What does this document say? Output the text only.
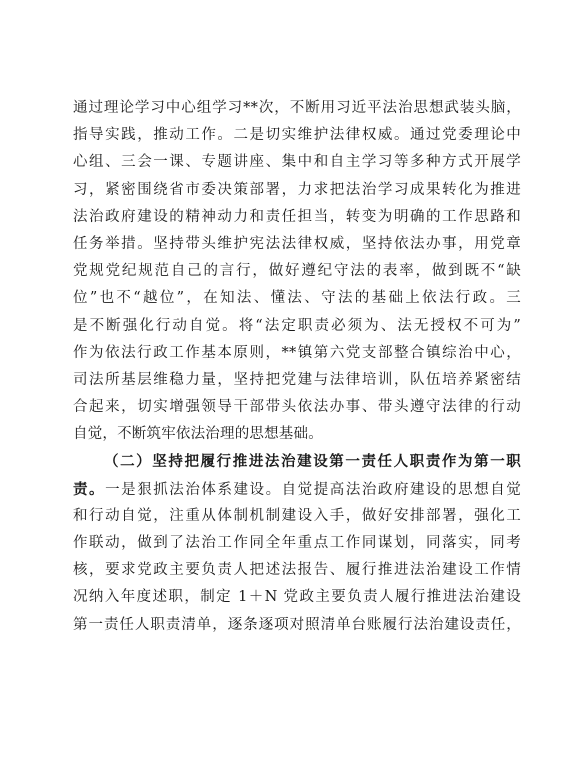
通过理论学习中心组学习**次，不断用习近平法治思想武装头脑，
指导实践，推动工作。二是切实维护法律权威。通过党委理论中
心组、三会一课、专题讲座、集中和自主学习等多种方式开展学
习，紧密围绕省市委决策部署，力求把法治学习成果转化为推进
法治政府建设的精神动力和责任担当，转变为明确的工作思路和
任务举措。坚持带头维护宪法法律权威，坚持依法办事，用党章
党规党纪规范自己的言行，做好遵纪守法的表率，做到既不“缺
位”也不“越位”，在知法、懂法、守法的基础上依法行政。三
是不断强化行动自觉。将“法定职责必须为、法无授权不可为”
作为依法行政工作基本原则，**镇第六党支部整合镇综治中心，
司法所基层维稳力量，坚持把党建与法律培训，队伍培养紧密结
合起来，切实增强领导干部带头依法办事、带头遵守法律的行动
自觉，不断筑牢依法治理的思想基础。
（二）坚持把履行推进法治建设第一责任人职责作为第一职
责。一是狠抓法治体系建设。自觉提高法治政府建设的思想自觉
和行动自觉，注重从体制机制建设入手，做好安排部署，强化工
作联动，做到了法治工作同全年重点工作同谋划，同落实，同考
核，要求党政主要负责人把述法报告、履行推进法治建设工作情
况纳入年度述职，制定 1＋N 党政主要负责人履行推进法治建设
第一责任人职责清单，逐条逐项对照清单台账履行法治建设责任，
